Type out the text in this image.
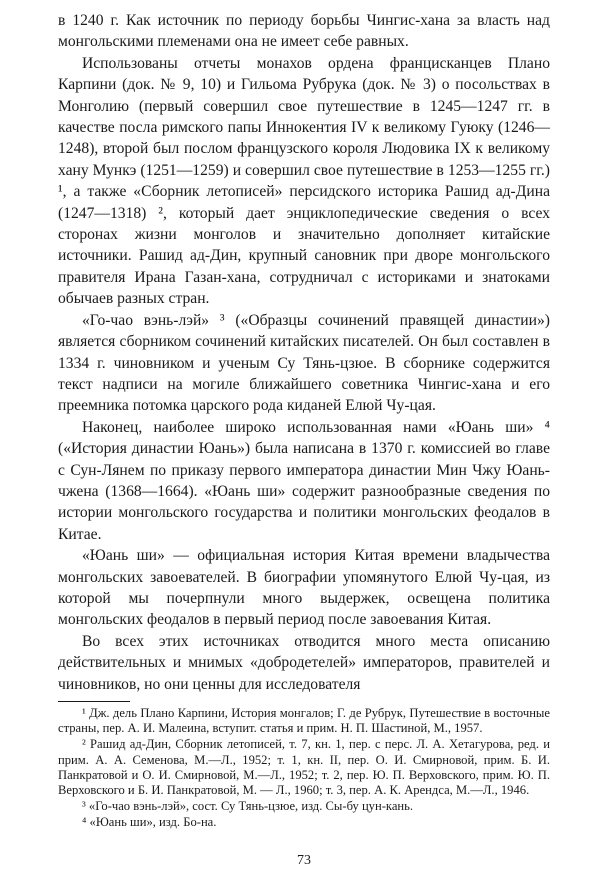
в 1240 г. Как источник по периоду борьбы Чингис-хана за власть над монгольскими племенами она не имеет себе равных.

Использованы отчеты монахов ордена францисканцев Плано Карпини (док. № 9, 10) и Гильома Рубрука (док. № 3) о посольствах в Монголию (первый совершил свое путешествие в 1245—1247 гг. в качестве посла римского папы Иннокентия IV к великому Гуюку (1246—1248), второй был послом французского короля Людовика IX к великому хану Мункэ (1251—1259) и совершил свое путешествие в 1253—1255 гг.) ¹, а также «Сборник летописей» персидского историка Рашид ад-Дина (1247—1318) ², который дает энциклопедические сведения о всех сторонах жизни монголов и значительно дополняет китайские источники. Рашид ад-Дин, крупный сановник при дворе монгольского правителя Ирана Газан-хана, сотрудничал с историками и знатоками обычаев разных стран.

«Го-чао вэнь-лэй» ³ («Образцы сочинений правящей династии») является сборником сочинений китайских писателей. Он был составлен в 1334 г. чиновником и ученым Су Тянь-цзюе. В сборнике содержится текст надписи на могиле ближайшего советника Чингис-хана и его преемника потомка царского рода киданей Елюй Чу-цая.

Наконец, наиболее широко использованная нами «Юань ши» ⁴ («История династии Юань») была написана в 1370 г. комиссией во главе с Сун-Лянем по приказу первого императора династии Мин Чжу Юань-чжена (1368—1664). «Юань ши» содержит разнообразные сведения по истории монгольского государства и политики монгольских феодалов в Китае.

«Юань ши» — официальная история Китая времени владычества монгольских завоевателей. В биографии упомянутого Елюй Чу-цая, из которой мы почерпнули много выдержек, освещена политика монгольских феодалов в первый период после завоевания Китая.

Во всех этих источниках отводится много места описанию действительных и мнимых «добродетелей» императоров, правителей и чиновников, но они ценны для исследователя

¹ Дж. дель Плано Карпини, История монгалов; Г. де Рубрук, Путешествие в восточные страны, пер. А. И. Малеина, вступит. статья и прим. Н. П. Шастиной, М., 1957.

² Рашид ад-Дин, Сборник летописей, т. 7, кн. 1, пер. с перс. Л. А. Хетагурова, ред. и прим. А. А. Семенова, М.—Л., 1952; т. 1, кн. II, пер. О. И. Смирновой, прим. Б. И. Панкратовой и О. И. Смирновой, М.—Л., 1952; т. 2, пер. Ю. П. Верховского, прим. Ю. П. Верховского и Б. И. Панкратовой, М. — Л., 1960; т. 3, пер. А. К. Арендса, М.—Л., 1946.

³ «Го-чао вэнь-лэй», сост. Су Тянь-цзюе, изд. Сы-бу цун-кань.

⁴ «Юань ши», изд. Бо-на.

73
